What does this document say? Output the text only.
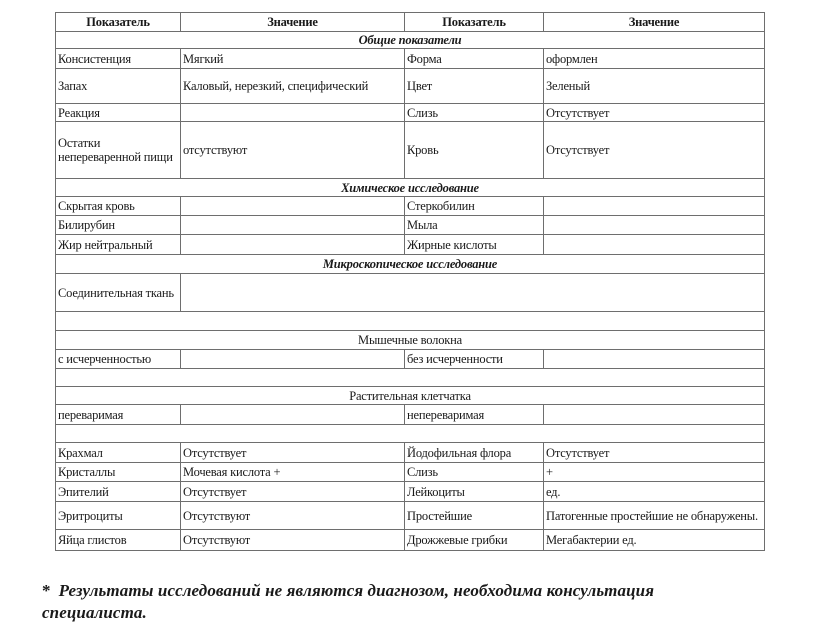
Показатель	Значение	Показатель	Значение
Общие показатели			
Консистенция	Мягкий	Форма	оформлен
Запах	Каловый, нерезкий, специфический	Цвет	Зеленый
Реакция		Слизь	Отсутствует
Остатки непереваренной пищи	отсутствуют	Кровь	Отсутствует
Химическое исследование			
Скрытая кровь		Стеркобилин	
Билирубин		Мыла	
Жир нейтральный		Жирные кислоты	
Микроскопическое исследование			
Соединительная ткань			

Мышечные волокна			
с исчерченностью		без исчерченности	

Растительная клетчатка			
переваримая		непереваримая	

Крахмал	Отсутствует	Йодофильная флора	Отсутствует
Кристаллы	Мочевая кислота +	Слизь	+
Эпителий	Отсутствует	Лейкоциты	ед.
Эритроциты	Отсутствуют	Простейшие	Патогенные простейшие не обнаружены.
Яйца глистов	Отсутствуют	Дрожжевые грибки	Мегабактерии ед.
* Результаты исследований не являются диагнозом, необходима консультация специалиста.
